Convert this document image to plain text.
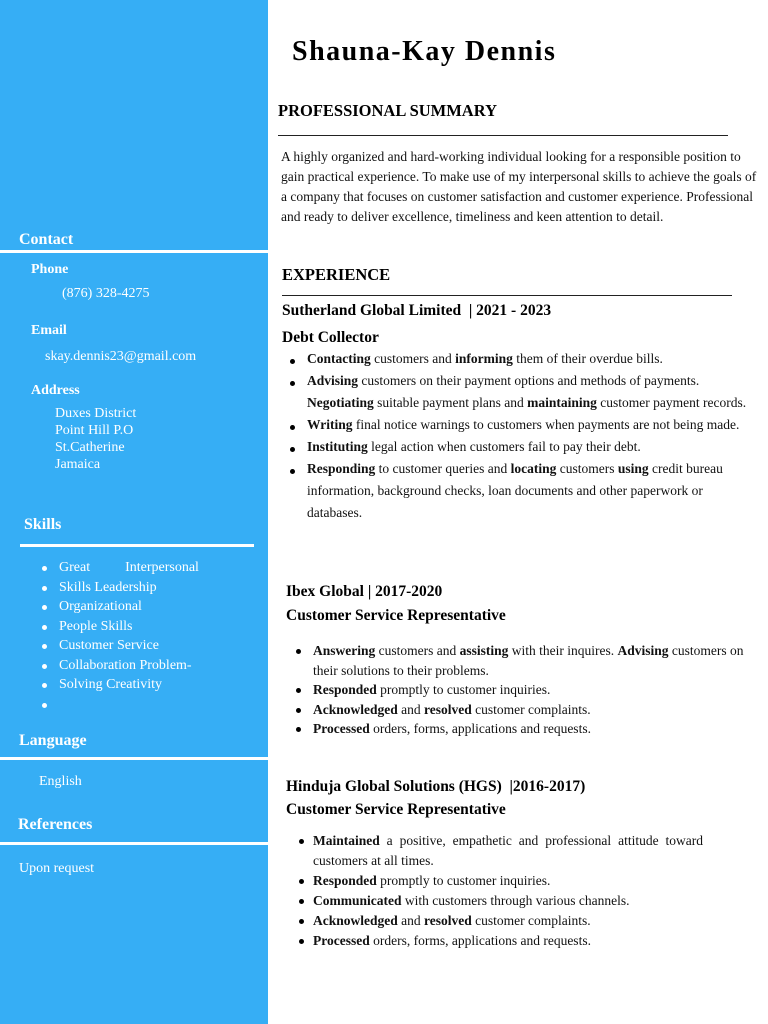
Contact
Phone
(876) 328-4275
Email
skay.dennis23@gmail.com
Address
Duxes District
Point Hill P.O
St.Catherine
Jamaica
Skills
Great          Interpersonal
Skills Leadership
Organizational
People Skills
Customer Service
Collaboration Problem-
Solving Creativity
Language
English
References
Upon request
Shauna-Kay Dennis
PROFESSIONAL SUMMARY
A highly organized and hard-working individual looking for a responsible position to gain practical experience. To make use of my interpersonal skills to achieve the goals of a company that focuses on customer satisfaction and customer experience. Professional and ready to deliver excellence, timeliness and keen attention to detail.
EXPERIENCE
Sutherland Global Limited  | 2021 - 2023
Debt Collector
Contacting customers and informing them of their overdue bills.
Advising customers on their payment options and methods of payments. Negotiating suitable payment plans and maintaining customer payment records.
Writing final notice warnings to customers when payments are not being made.
Instituting legal action when customers fail to pay their debt.
Responding to customer queries and locating customers using credit bureau information, background checks, loan documents and other paperwork or databases.
Ibex Global | 2017-2020
Customer Service Representative
Answering customers and assisting with their inquires. Advising customers on their solutions to their problems.
Responded promptly to customer inquiries.
Acknowledged and resolved customer complaints.
Processed orders, forms, applications and requests.
Hinduja Global Solutions (HGS)  |2016-2017)
Customer Service Representative
Maintained a positive, empathetic and professional attitude toward customers at all times.
Responded promptly to customer inquiries.
Communicated with customers through various channels.
Acknowledged and resolved customer complaints.
Processed orders, forms, applications and requests.
